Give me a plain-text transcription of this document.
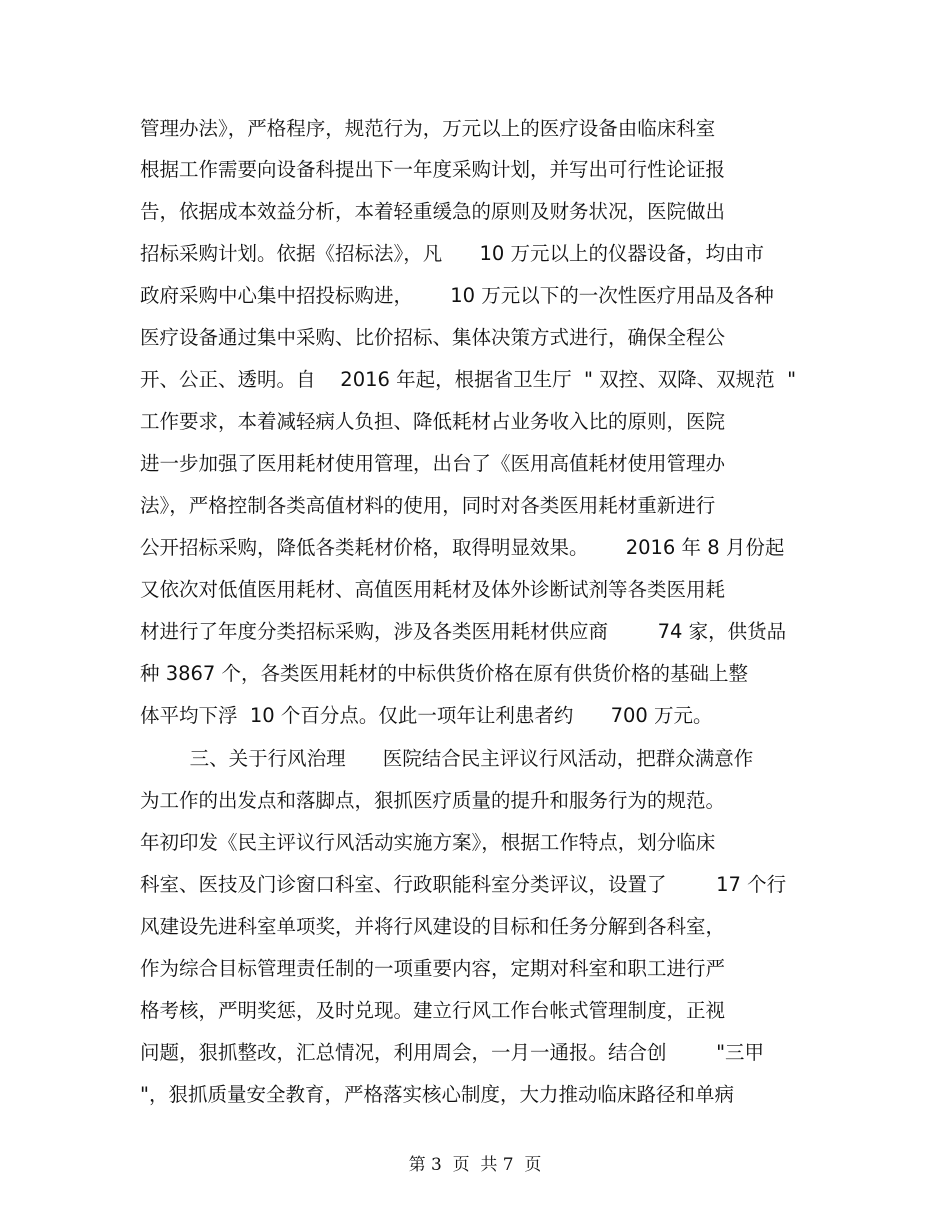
管理办法》，严格程序，规范行为，万元以上的医疗设备由临床科室
根据工作需要向设备科提出下一年度采购计划，并写出可行性论证报
告，依据成本效益分析，本着轻重缓急的原则及财务状况，医院做出
招标采购计划。依据《招标法》，凡      10 万元以上的仪器设备，均由市
政府采购中心集中招投标购进，      10 万元以下的一次性医疗用品及各种
医疗设备通过集中采购、比价招标、集体决策方式进行，确保全程公
开、公正、透明。自    2016 年起，根据省卫生厅  " 双控、双降、双规范  "
工作要求，本着减轻病人负担、降低耗材占业务收入比的原则，医院
进一步加强了医用耗材使用管理，出台了《医用高值耗材使用管理办
法》，严格控制各类高值材料的使用，同时对各类医用耗材重新进行
公开招标采购，降低各类耗材价格，取得明显效果。      2016 年 8 月份起
又依次对低值医用耗材、高值医用耗材及体外诊断试剂等各类医用耗
材进行了年度分类招标采购，涉及各类医用耗材供应商        74 家，供货品
种 3867 个，各类医用耗材的中标供货价格在原有供货价格的基础上整
体平均下浮  10 个百分点。仅此一项年让利患者约      700 万元。
三、关于行风治理      医院结合民主评议行风活动，把群众满意作
为工作的出发点和落脚点，狠抓医疗质量的提升和服务行为的规范。
年初印发《民主评议行风活动实施方案》，根据工作特点，划分临床
科室、医技及门诊窗口科室、行政职能科室分类评议，设置了        17 个行
风建设先进科室单项奖，并将行风建设的目标和任务分解到各科室，
作为综合目标管理责任制的一项重要内容，定期对科室和职工进行严
格考核，严明奖惩，及时兑现。建立行风工作台帐式管理制度，正视
问题，狠抓整改，汇总情况，利用周会，一月一通报。结合创        "三甲
"，狠抓质量安全教育，严格落实核心制度，大力推动临床路径和单病
第 3  页  共 7  页
